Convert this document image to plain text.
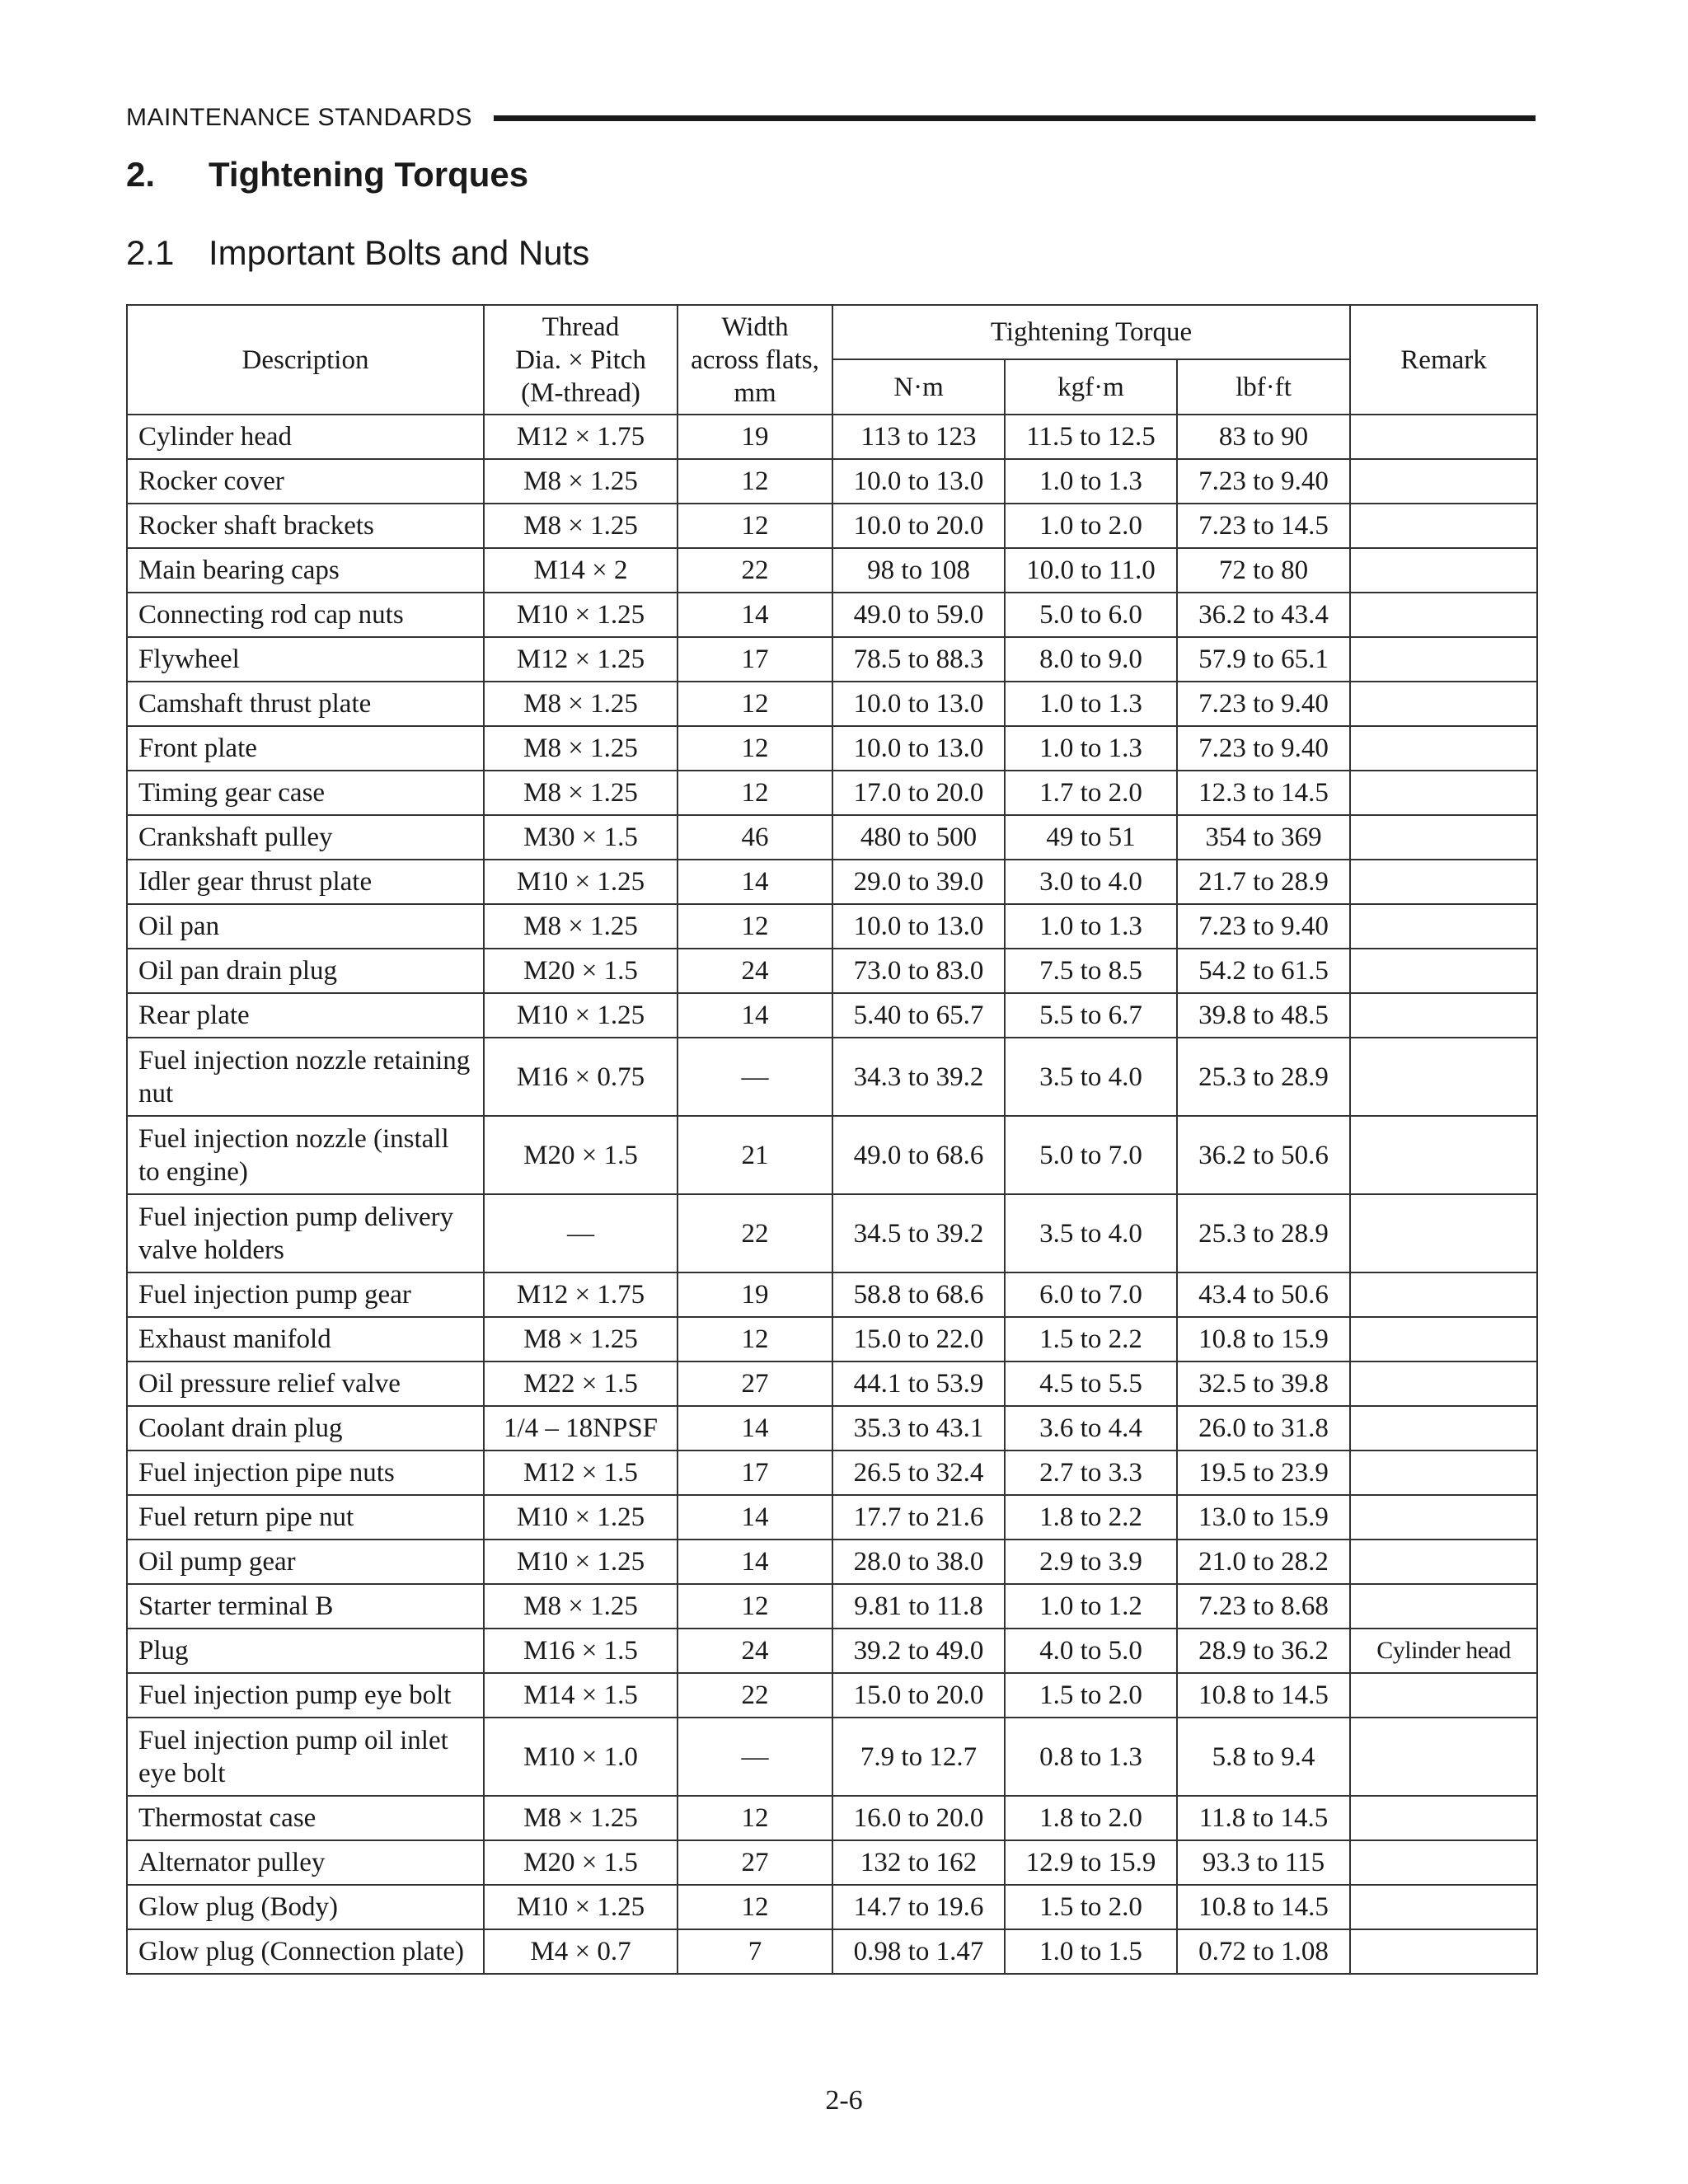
MAINTENANCE STANDARDS
2. Tightening Torques
2.1 Important Bolts and Nuts
Description	Thread
Dia. × Pitch
(M-thread)	Width
across flats,
mm	Tightening Torque			Remark
			N·m	kgf·m	lbf·ft	
Cylinder head	M12 × 1.75	19	113 to 123	11.5 to 12.5	83 to 90	
Rocker cover	M8 × 1.25	12	10.0 to 13.0	1.0 to 1.3	7.23 to 9.40	
Rocker shaft brackets	M8 × 1.25	12	10.0 to 20.0	1.0 to 2.0	7.23 to 14.5	
Main bearing caps	M14 × 2	22	98 to 108	10.0 to 11.0	72 to 80	
Connecting rod cap nuts	M10 × 1.25	14	49.0 to 59.0	5.0 to 6.0	36.2 to 43.4	
Flywheel	M12 × 1.25	17	78.5 to 88.3	8.0 to 9.0	57.9 to 65.1	
Camshaft thrust plate	M8 × 1.25	12	10.0 to 13.0	1.0 to 1.3	7.23 to 9.40	
Front plate	M8 × 1.25	12	10.0 to 13.0	1.0 to 1.3	7.23 to 9.40	
Timing gear case	M8 × 1.25	12	17.0 to 20.0	1.7 to 2.0	12.3 to 14.5	
Crankshaft pulley	M30 × 1.5	46	480 to 500	49 to 51	354 to 369	
Idler gear thrust plate	M10 × 1.25	14	29.0 to 39.0	3.0 to 4.0	21.7 to 28.9	
Oil pan	M8 × 1.25	12	10.0 to 13.0	1.0 to 1.3	7.23 to 9.40	
Oil pan drain plug	M20 × 1.5	24	73.0 to 83.0	7.5 to 8.5	54.2 to 61.5	
Rear plate	M10 × 1.25	14	5.40 to 65.7	5.5 to 6.7	39.8 to 48.5	
Fuel injection nozzle retaining nut	M16 × 0.75	—	34.3 to 39.2	3.5 to 4.0	25.3 to 28.9	
Fuel injection nozzle (install to engine)	M20 × 1.5	21	49.0 to 68.6	5.0 to 7.0	36.2 to 50.6	
Fuel injection pump delivery valve holders	—	22	34.5 to 39.2	3.5 to 4.0	25.3 to 28.9	
Fuel injection pump gear	M12 × 1.75	19	58.8 to 68.6	6.0 to 7.0	43.4 to 50.6	
Exhaust manifold	M8 × 1.25	12	15.0 to 22.0	1.5 to 2.2	10.8 to 15.9	
Oil pressure relief valve	M22 × 1.5	27	44.1 to 53.9	4.5 to 5.5	32.5 to 39.8	
Coolant drain plug	1/4 – 18NPSF	14	35.3 to 43.1	3.6 to 4.4	26.0 to 31.8	
Fuel injection pipe nuts	M12 × 1.5	17	26.5 to 32.4	2.7 to 3.3	19.5 to 23.9	
Fuel return pipe nut	M10 × 1.25	14	17.7 to 21.6	1.8 to 2.2	13.0 to 15.9	
Oil pump gear	M10 × 1.25	14	28.0 to 38.0	2.9 to 3.9	21.0 to 28.2	
Starter terminal B	M8 × 1.25	12	9.81 to 11.8	1.0 to 1.2	7.23 to 8.68	
Plug	M16 × 1.5	24	39.2 to 49.0	4.0 to 5.0	28.9 to 36.2	Cylinder head
Fuel injection pump eye bolt	M14 × 1.5	22	15.0 to 20.0	1.5 to 2.0	10.8 to 14.5	
Fuel injection pump oil inlet eye bolt	M10 × 1.0	—	7.9 to 12.7	0.8 to 1.3	5.8 to 9.4	
Thermostat case	M8 × 1.25	12	16.0 to 20.0	1.8 to 2.0	11.8 to 14.5	
Alternator pulley	M20 × 1.5	27	132 to 162	12.9 to 15.9	93.3 to 115	
Glow plug (Body)	M10 × 1.25	12	14.7 to 19.6	1.5 to 2.0	10.8 to 14.5	
Glow plug (Connection plate)	M4 × 0.7	7	0.98 to 1.47	1.0 to 1.5	0.72 to 1.08	
2-6
